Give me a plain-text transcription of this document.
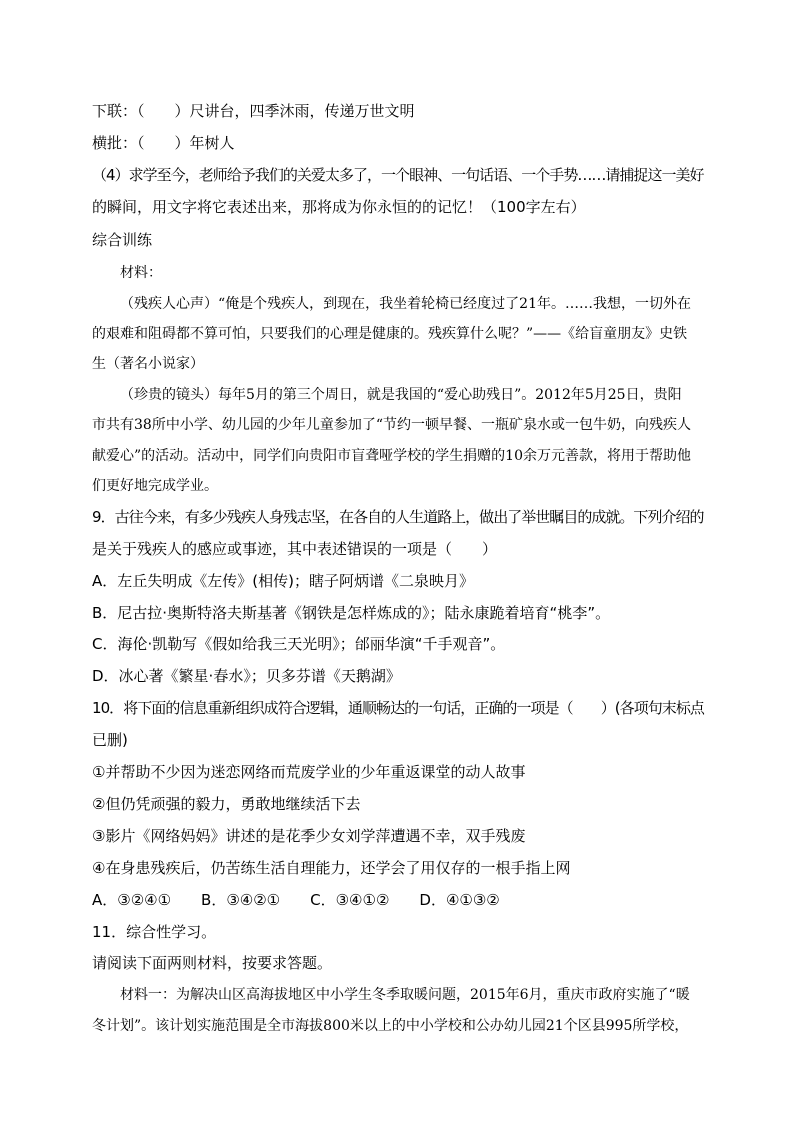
下联：（　　）尺讲台，四季沐雨，传递万世文明
横批：（　　）年树人
（4）求学至今，老师给予我们的关爱太多了，一个眼神、一句话语、一个手势……请捕捉这一美好
的瞬间，用文字将它表述出来，那将成为你永恒的的记忆！（100字左右）
综合训练
材料：
（残疾人心声）“俺是个残疾人，到现在，我坐着轮椅已经度过了21年。……我想，一切外在
的艰难和阻碍都不算可怕，只要我们的心理是健康的。残疾算什么呢？”——《给盲童朋友》史铁
生（著名小说家）
（珍贵的镜头）每年5月的第三个周日，就是我国的“爱心助残日”。2012年5月25日，贵阳
市共有38所中小学、幼儿园的少年儿童参加了“节约一顿早餐、一瓶矿泉水或一包牛奶，向残疾人
献爱心”的活动。活动中，同学们向贵阳市盲聋哑学校的学生捐赠的10余万元善款，将用于帮助他
们更好地完成学业。
9．古往今来，有多少残疾人身残志坚，在各自的人生道路上，做出了举世瞩目的成就。下列介绍的
是关于残疾人的感应或事迹，其中表述错误的一项是（　　）
A．左丘失明成《左传》(相传)；瞎子阿炳谱《二泉映月》
B．尼古拉·奥斯特洛夫斯基著《钢铁是怎样炼成的》；陆永康跪着培育“桃李”。
C．海伦·凯勒写《假如给我三天光明》；邰丽华演“千手观音”。
D．冰心著《繁星·春水》；贝多芬谱《天鹅湖》
10．将下面的信息重新组织成符合逻辑，通顺畅达的一句话，正确的一项是（　　）(各项句末标点
已删)
①并帮助不少因为迷恋网络而荒废学业的少年重返课堂的动人故事
②但仍凭顽强的毅力，勇敢地继续活下去
③影片《网络妈妈》讲述的是花季少女刘学萍遭遇不幸，双手残废
④在身患残疾后，仍苦练生活自理能力，还学会了用仅存的一根手指上网
A．③②④①　　B．③④②①　　C．③④①②　　D．④①③②
11．综合性学习。
请阅读下面两则材料，按要求答题。
材料一：为解决山区高海拔地区中小学生冬季取暖问题，2015年6月，重庆市政府实施了“暖
冬计划”。该计划实施范围是全市海拔800米以上的中小学校和公办幼儿园21个区县995所学校，
